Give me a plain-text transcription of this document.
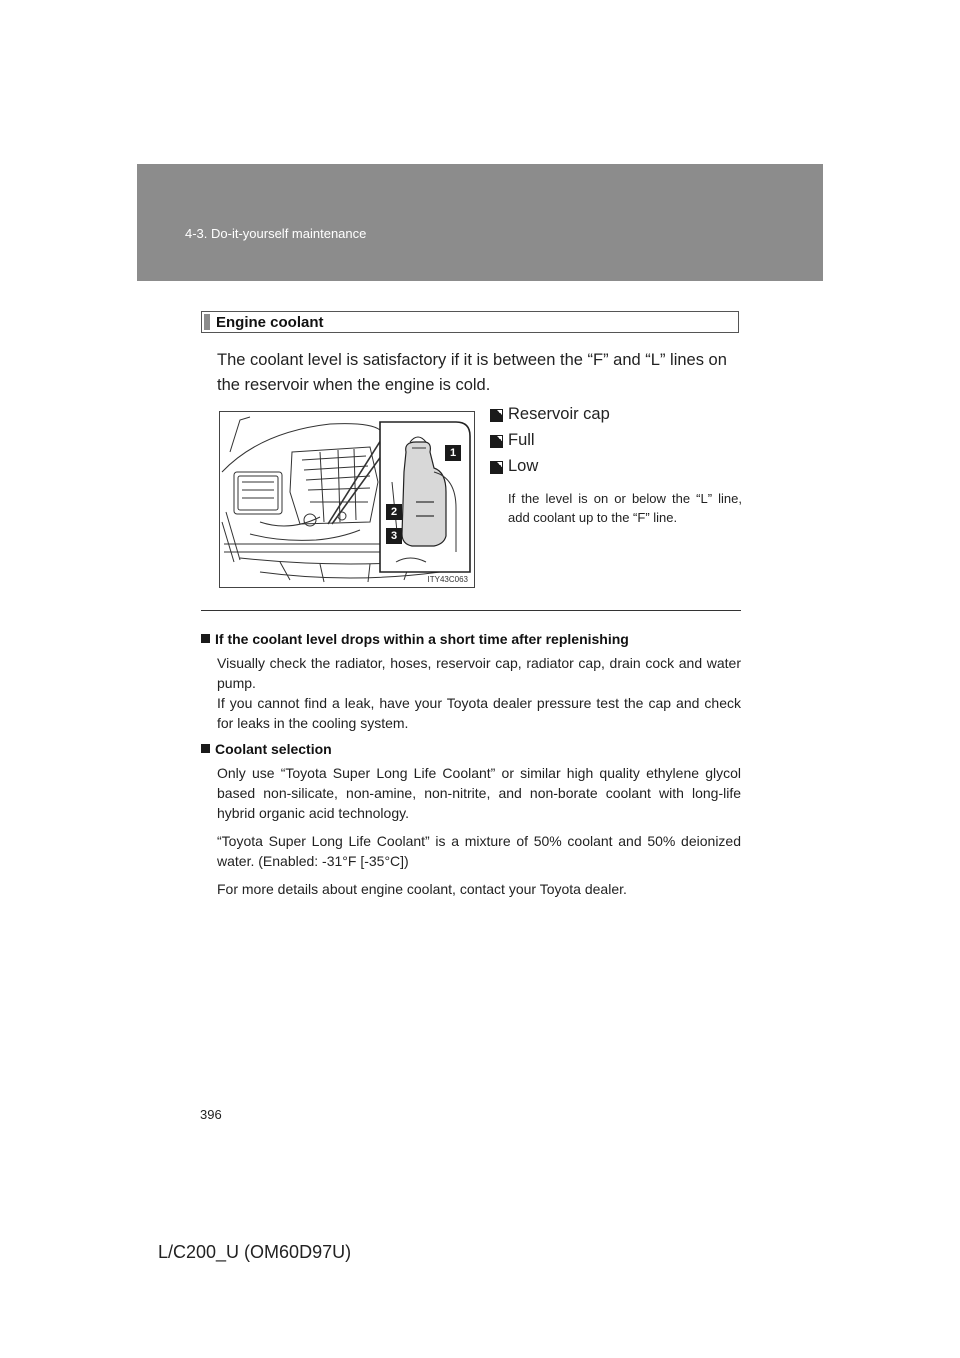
4-3. Do-it-yourself maintenance
Engine coolant
The coolant level is satisfactory if it is between the “F” and “L” lines on the reservoir when the engine is cold.
1
2
3
ITY43C063
Reservoir cap
Full
Low
If the level is on or below the “L” line, add coolant up to the “F” line.
If the coolant level drops within a short time after replenishing
Visually check the radiator, hoses, reservoir cap, radiator cap, drain cock and water pump.
If you cannot find a leak, have your Toyota dealer pressure test the cap and check for leaks in the cooling system.
Coolant selection
Only use “Toyota Super Long Life Coolant” or similar high quality ethylene glycol based non-silicate, non-amine, non-nitrite, and non-borate coolant with long-life hybrid organic acid technology.
“Toyota Super Long Life Coolant” is a mixture of 50% coolant and 50% deionized water. (Enabled: -31°F [-35°C])
For more details about engine coolant, contact your Toyota dealer.
396
L/C200_U (OM60D97U)
